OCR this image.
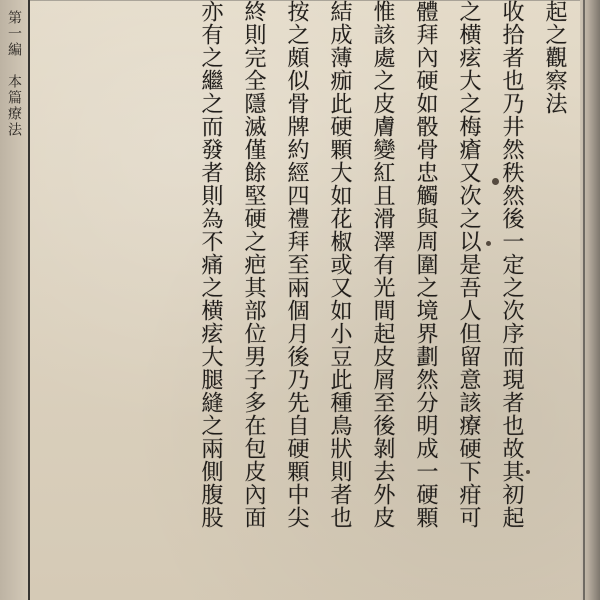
第一編　本篇療法	起之觀察法
收拾者也乃井然秩然後一定之次序而現者也故其初起
之横痃大之梅瘡又次之以是吾人但留意該療硬下疳可
體拜內硬如骰骨忠觸與周圍之境界劃然分明成一硬顆
惟該處之皮膚變紅且滑澤有光間起皮屑至後剝去外皮
結成薄痂此硬顆大如花椒或又如小豆此種鳥狀則者也
按之頗似骨牌約經四禮拜至兩個月後乃先自硬顆中尖
終則完全隱滅僅餘堅硬之疤其部位男子多在包皮內面
亦有之繼之而發者則為不痛之横痃大腿縫之兩側腹股
